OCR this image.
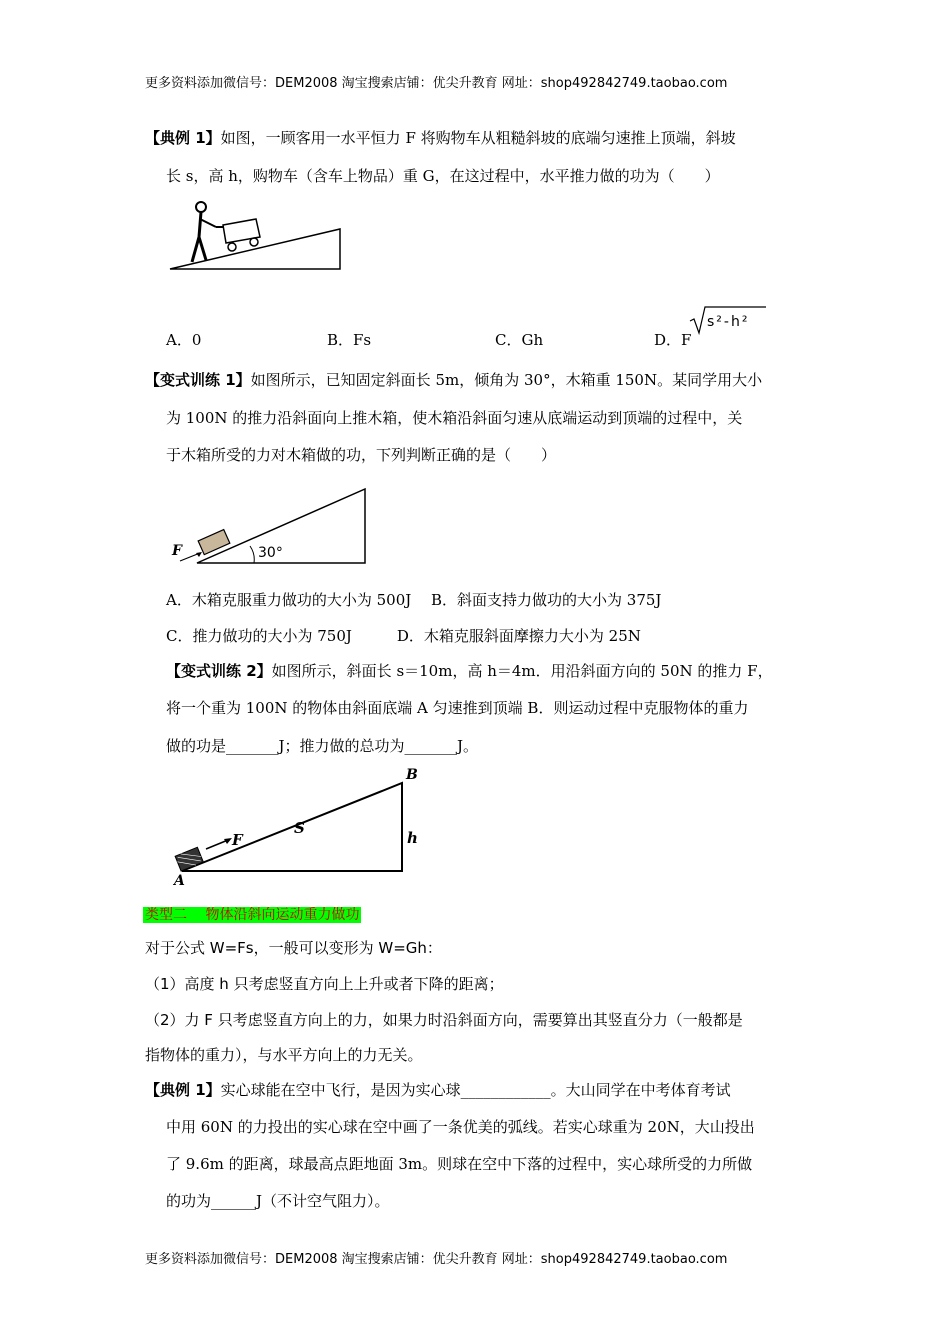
更多资料添加微信号：DEM2008 淘宝搜索店铺：优尖升教育 网址：shop492842749.taobao.com
【典例 1】如图，一顾客用一水平恒力 F 将购物车从粗糙斜坡的底端匀速推上顶端，斜坡
长 s，高 h，购物车（含车上物品）重 G，在这过程中，水平推力做的功为（　　）
A．0	B．Fs	C．Gh	D．F
s²-h²
【变式训练 1】如图所示，已知固定斜面长 5m，倾角为 30°，木箱重 150N。某同学用大小
为 100N 的推力沿斜面向上推木箱，使木箱沿斜面匀速从底端运动到顶端的过程中，关
于木箱所受的力对木箱做的功，下列判断正确的是（　　）
F	30°
A．木箱克服重力做功的大小为 500J　 B．斜面支持力做功的大小为 375J
C．推力做功的大小为 750J　　　D．木箱克服斜面摩擦力大小为 25N
【变式训练 2】如图所示，斜面长 s＝10m，高 h＝4m．用沿斜面方向的 50N 的推力 F，
将一个重为 100N 的物体由斜面底端 A 匀速推到顶端 B．则运动过程中克服物体的重力
做的功是_______J；推力做的总功为_______J。
A
B
F
S
h
类型二　 物体沿斜向运动重力做功
对于公式 W=Fs，一般可以变形为 W=Gh：
（1）高度 h 只考虑竖直方向上上升或者下降的距离；
（2）力 F 只考虑竖直方向上的力，如果力时沿斜面方向，需要算出其竖直分力（一般都是
指物体的重力），与水平方向上的力无关。
【典例 1】实心球能在空中飞行，是因为实心球____________。大山同学在中考体育考试
中用 60N 的力投出的实心球在空中画了一条优美的弧线。若实心球重为 20N，大山投出
了 9.6m 的距离，球最高点距地面 3m。则球在空中下落的过程中，实心球所受的力所做
的功为______J（不计空气阻力）。
更多资料添加微信号：DEM2008 淘宝搜索店铺：优尖升教育 网址：shop492842749.taobao.com
